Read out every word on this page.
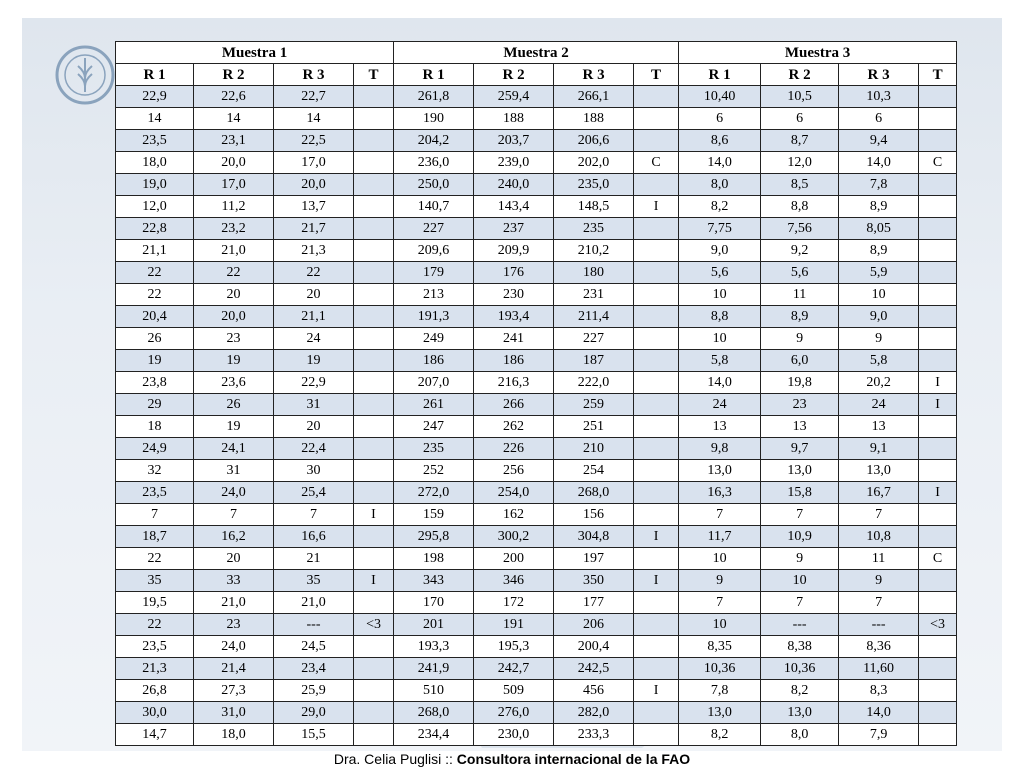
Muestra 1				Muestra 2				Muestra 3			
R 1	R 2	R 3	T	R 1	R 2	R 3	T	R 1	R 2	R 3	T
22,9	22,6	22,7		261,8	259,4	266,1		10,40	10,5	10,3	
14	14	14		190	188	188		6	6	6	
23,5	23,1	22,5		204,2	203,7	206,6		8,6	8,7	9,4	
18,0	20,0	17,0		236,0	239,0	202,0	C	14,0	12,0	14,0	C
19,0	17,0	20,0		250,0	240,0	235,0		8,0	8,5	7,8	
12,0	11,2	13,7		140,7	143,4	148,5	I	8,2	8,8	8,9	
22,8	23,2	21,7		227	237	235		7,75	7,56	8,05	
21,1	21,0	21,3		209,6	209,9	210,2		9,0	9,2	8,9	
22	22	22		179	176	180		5,6	5,6	5,9	
22	20	20		213	230	231		10	11	10	
20,4	20,0	21,1		191,3	193,4	211,4		8,8	8,9	9,0	
26	23	24		249	241	227		10	9	9	
19	19	19		186	186	187		5,8	6,0	5,8	
23,8	23,6	22,9		207,0	216,3	222,0		14,0	19,8	20,2	I
29	26	31		261	266	259		24	23	24	I
18	19	20		247	262	251		13	13	13	
24,9	24,1	22,4		235	226	210		9,8	9,7	9,1	
32	31	30		252	256	254		13,0	13,0	13,0	
23,5	24,0	25,4		272,0	254,0	268,0		16,3	15,8	16,7	I
7	7	7	I	159	162	156		7	7	7	
18,7	16,2	16,6		295,8	300,2	304,8	I	11,7	10,9	10,8	
22	20	21		198	200	197		10	9	11	C
35	33	35	I	343	346	350	I	9	10	9	
19,5	21,0	21,0		170	172	177		7	7	7	
22	23	---	<3	201	191	206		10	---	---	<3
23,5	24,0	24,5		193,3	195,3	200,4		8,35	8,38	8,36	
21,3	21,4	23,4		241,9	242,7	242,5		10,36	10,36	11,60	
26,8	27,3	25,9		510	509	456	I	7,8	8,2	8,3	
30,0	31,0	29,0		268,0	276,0	282,0		13,0	13,0	14,0	
14,7	18,0	15,5		234,4	230,0	233,3		8,2	8,0	7,9	
Dra. Celia Puglisi :: Consultora internacional de la FAO
